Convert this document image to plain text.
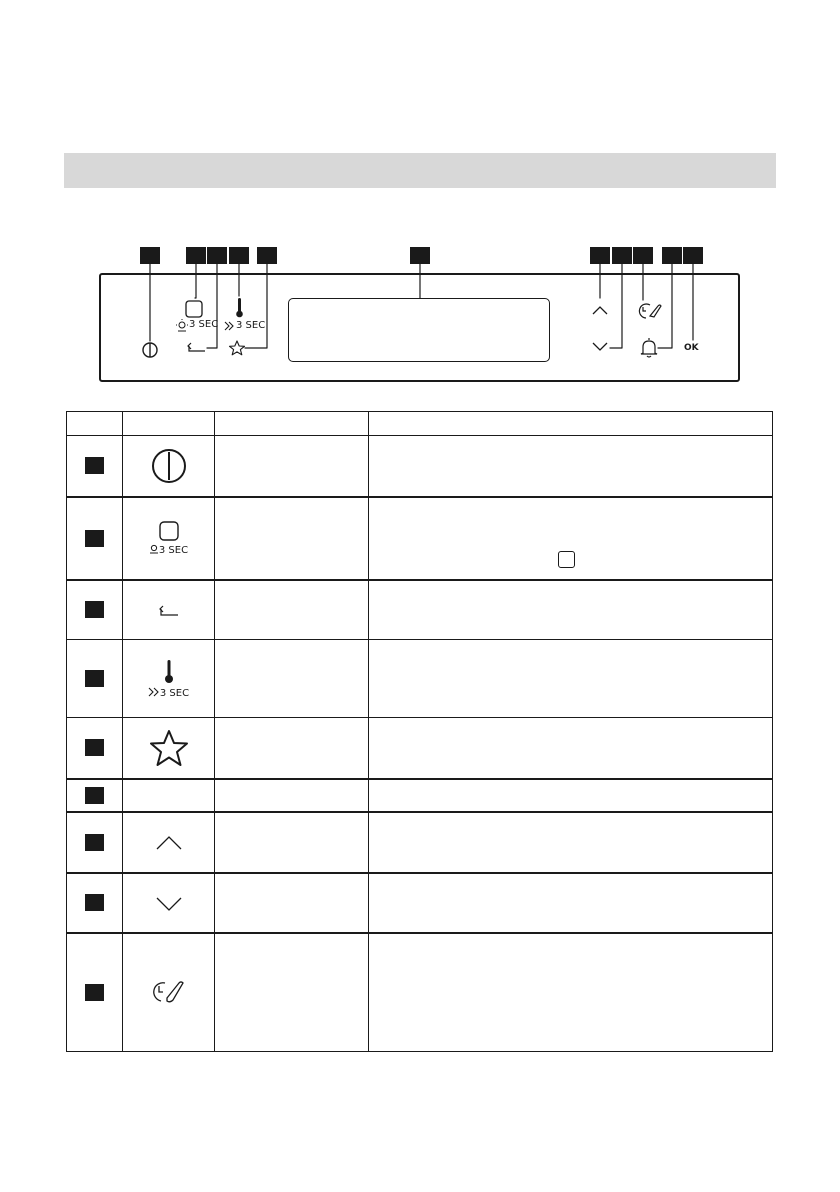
3 SEC 3 SEC
OK

	3 SEC		

	3 SEC		
